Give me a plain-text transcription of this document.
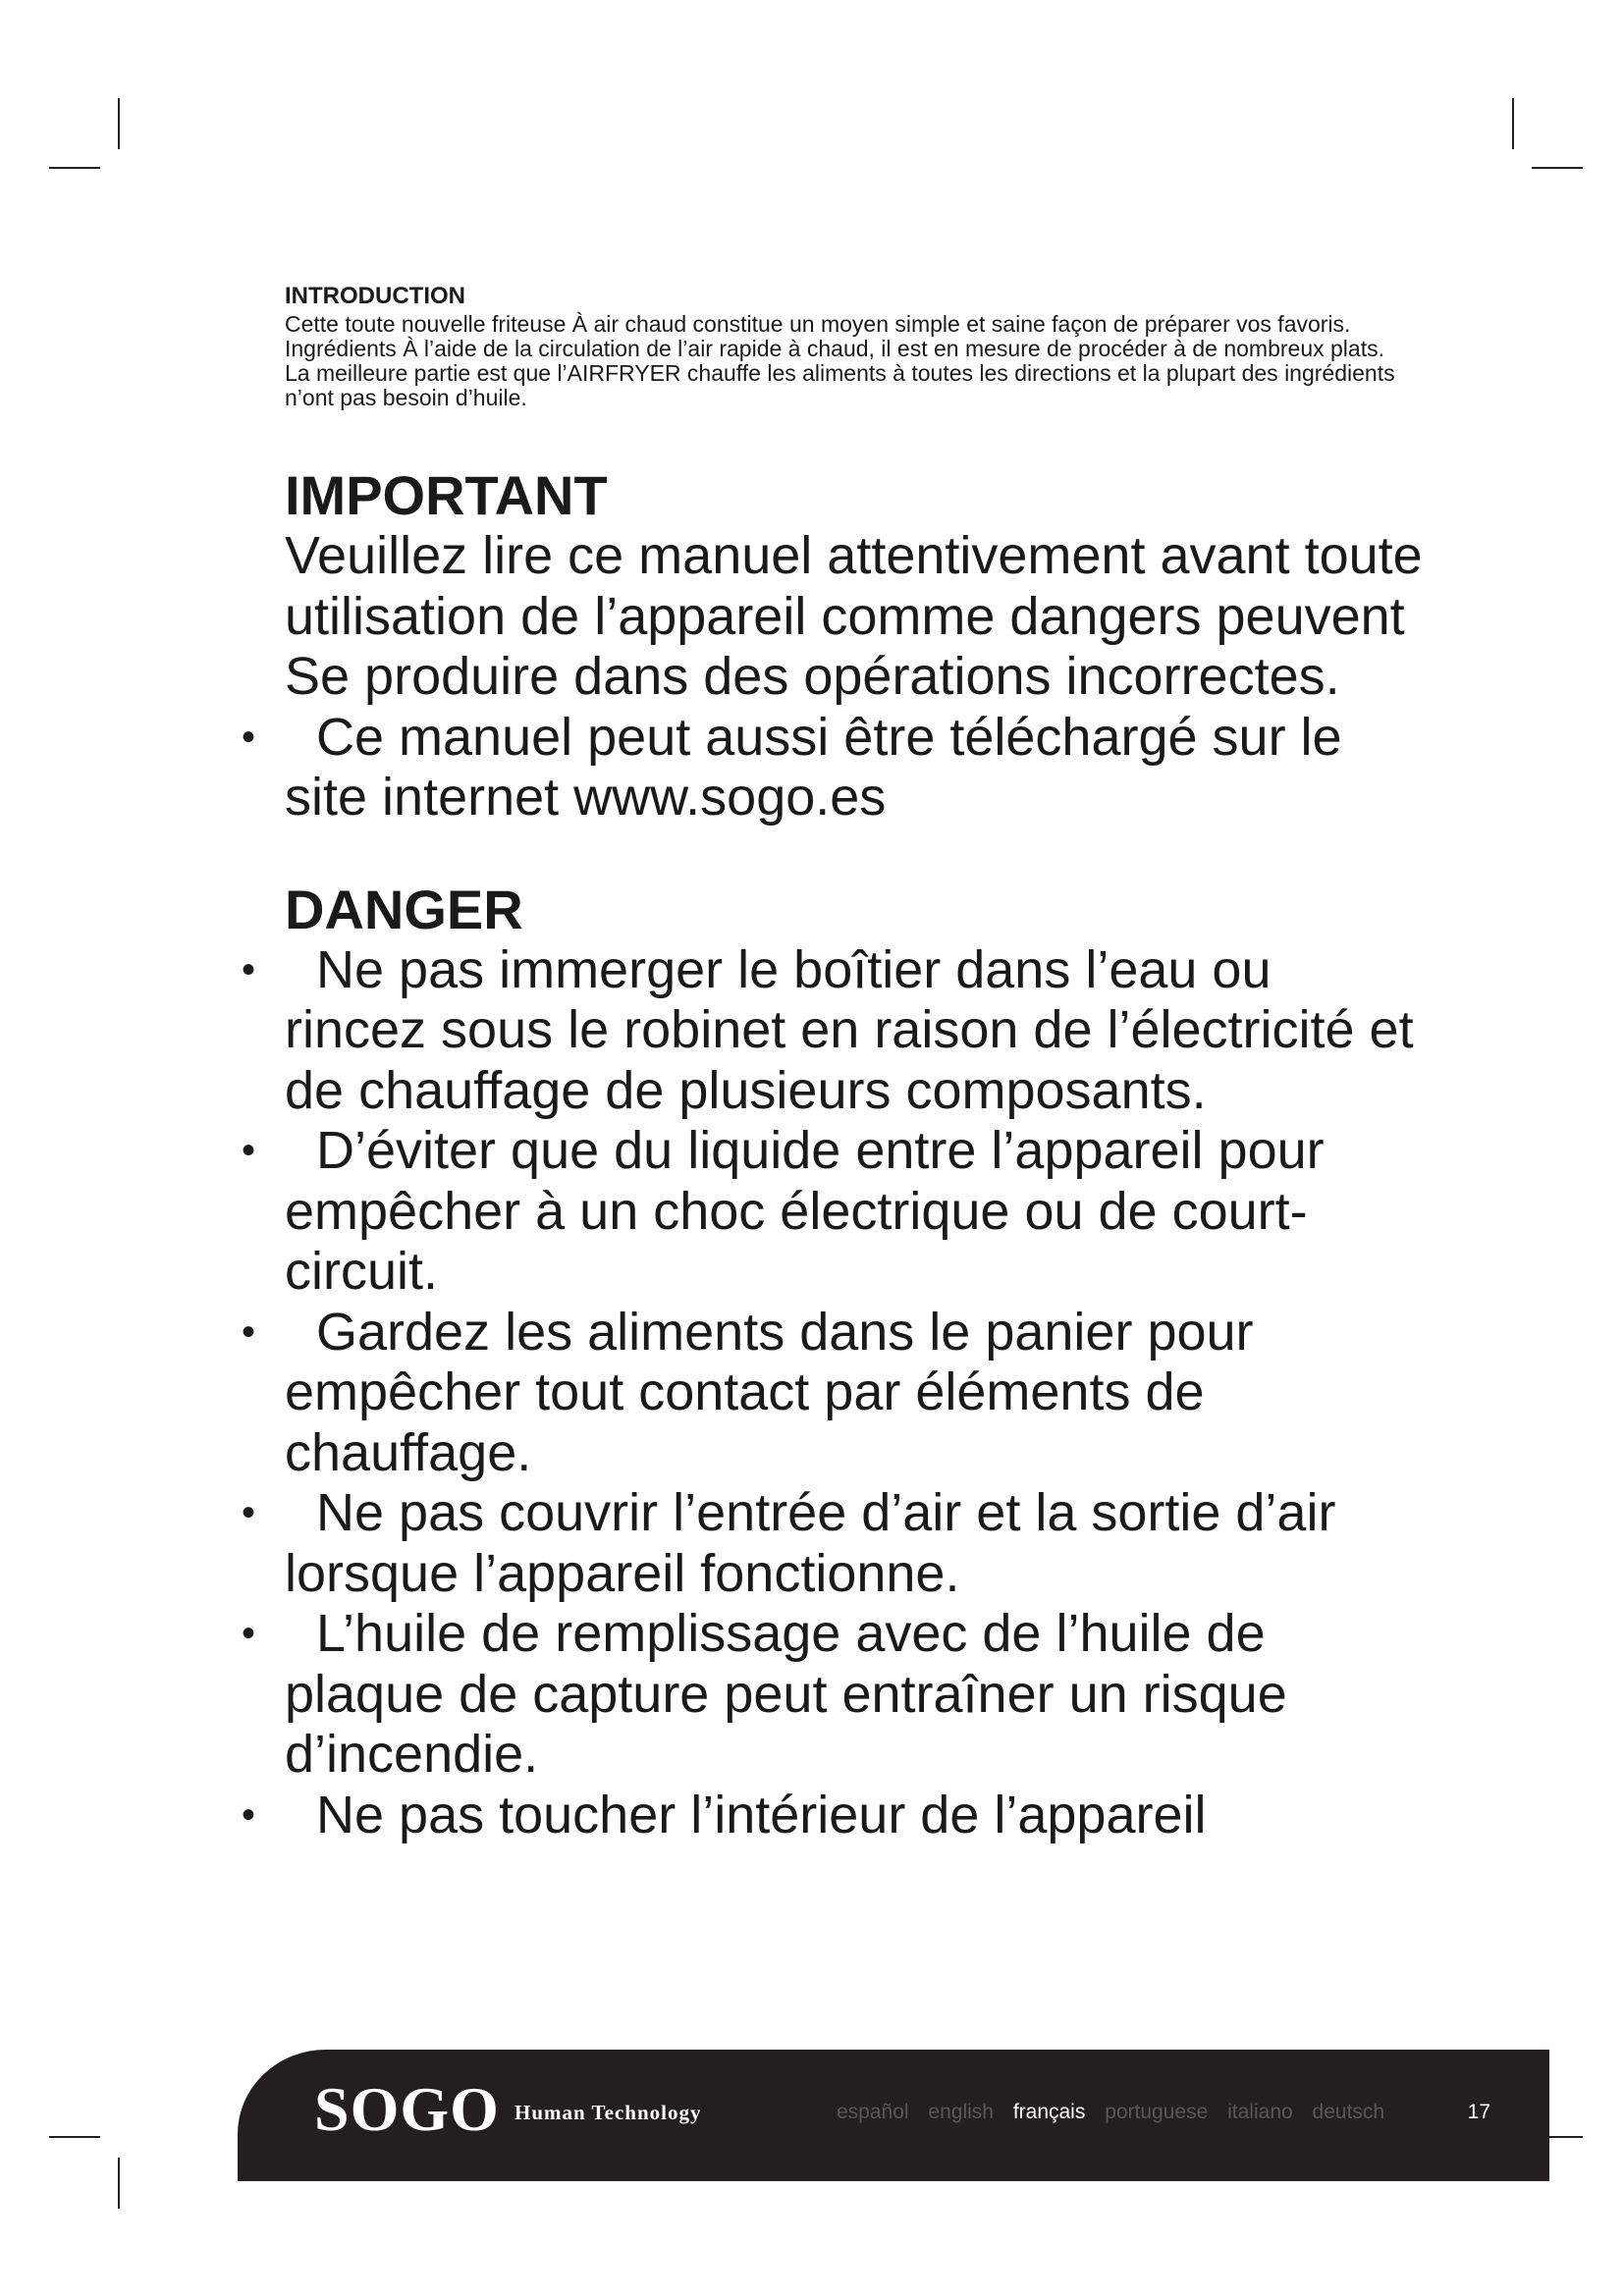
INTRODUCTION

Cette toute nouvelle friteuse À air chaud constitue un moyen simple et saine façon de préparer vos favoris. Ingrédients À l’aide de la circulation de l’air rapide à chaud, il est en mesure de procéder à de nombreux plats. La meilleure partie est que l’AIRFRYER chauffe les aliments à toutes les directions et la plupart des ingrédients n’ont pas besoin d’huile.

IMPORTANT

Veuillez lire ce manuel attentivement avant toute utilisation de l’appareil comme dangers peuvent Se produire dans des opérations incorrectes.

•	Ce manuel peut aussi être téléchargé sur le site internet www.sogo.es
DANGER
•	Ne pas immerger le boîtier dans l’eau ou rincez sous le robinet en raison de l’électricité et de chauffage de plusieurs composants.
•	D’éviter que du liquide entre l’appareil pour empêcher à un choc électrique ou de court-circuit.
•	Gardez les aliments dans le panier pour empêcher tout contact par éléments de chauffage.
•	Ne pas couvrir l’entrée d’air et la sortie d’air lorsque l’appareil fonctionne.
•	L’huile de remplissage avec de l’huile de plaque de capture peut entraîner un risque d’incendie.
•	Ne pas toucher l’intérieur de l’appareil
SOGO Human Technology	español english français portuguese italiano deutsch	17
